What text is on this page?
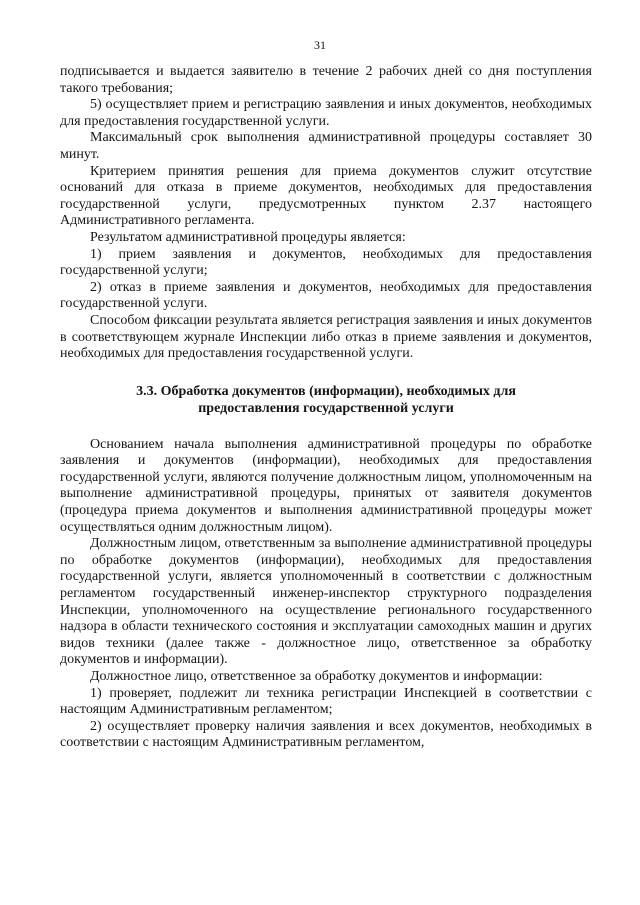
31

подписывается и выдается заявителю в течение 2 рабочих дней со дня поступления такого требования;

5) осуществляет прием и регистрацию заявления и иных документов, необходимых для предоставления государственной услуги.

Максимальный срок выполнения административной процедуры составляет 30 минут.

Критерием принятия решения для приема документов служит отсутствие оснований для отказа в приеме документов, необходимых для предоставления государственной услуги, предусмотренных пунктом 2.37 настоящего Административного регламента.

Результатом административной процедуры является:

1) прием заявления и документов, необходимых для предоставления государственной услуги;

2) отказ в приеме заявления и документов, необходимых для предоставления государственной услуги.

Способом фиксации результата является регистрация заявления и иных документов в соответствующем журнале Инспекции либо отказ в приеме заявления и документов, необходимых для предоставления государственной услуги.

3.3. Обработка документов (информации), необходимых для предоставления государственной услуги

Основанием начала выполнения административной процедуры по обработке заявления и документов (информации), необходимых для предоставления государственной услуги, являются получение должностным лицом, уполномоченным на выполнение административной процедуры, принятых от заявителя документов (процедура приема документов и выполнения административной процедуры может осуществляться одним должностным лицом).

Должностным лицом, ответственным за выполнение административной процедуры по обработке документов (информации), необходимых для предоставления государственной услуги, является уполномоченный в соответствии с должностным регламентом государственный инженер-инспектор структурного подразделения Инспекции, уполномоченного на осуществление регионального государственного надзора в области технического состояния и эксплуатации самоходных машин и других видов техники (далее также - должностное лицо, ответственное за обработку документов и информации).

Должностное лицо, ответственное за обработку документов и информации:

1) проверяет, подлежит ли техника регистрации Инспекцией в соответствии с настоящим Административным регламентом;

2) осуществляет проверку наличия заявления и всех документов, необходимых в соответствии с настоящим Административным регламентом,
